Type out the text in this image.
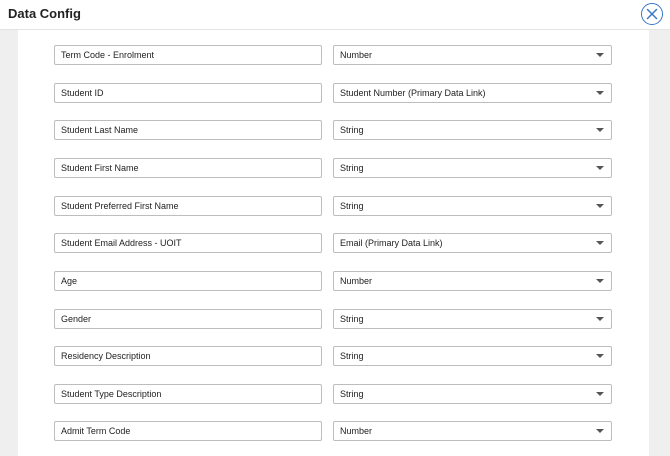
Data Config
Term Code - Enrolment	Number
Student ID	Student Number (Primary Data Link)
Student Last Name	String
Student First Name	String
Student Preferred First Name	String
Student Email Address - UOIT	Email (Primary Data Link)
Age	Number
Gender	String
Residency Description	String
Student Type Description	String
Admit Term Code	Number
